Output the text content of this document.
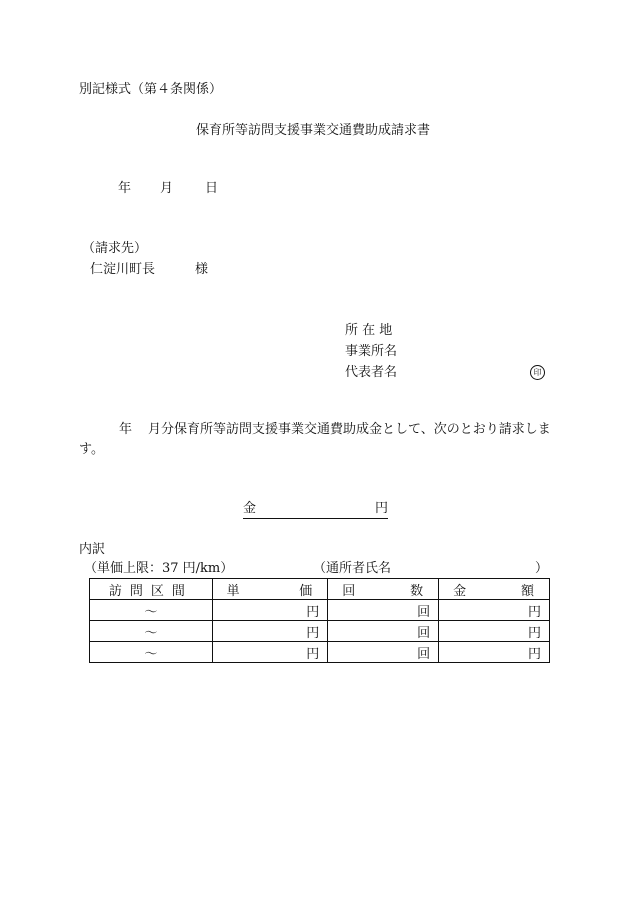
別記様式（第４条関係）
保育所等訪問支援事業交通費助成請求書
年 月 日
（請求先）
仁淀川町長	様
所 在 地
事業所名
代表者名	印
年 月分保育所等訪問支援事業交通費助成金として、次のとおり請求します。
金	円
内訳
（単価上限：37 円/km）	（通所者氏名	）
訪問区間	単価	回数	金額
～	円	回	円
～	円	回	円
～	円	回	円
